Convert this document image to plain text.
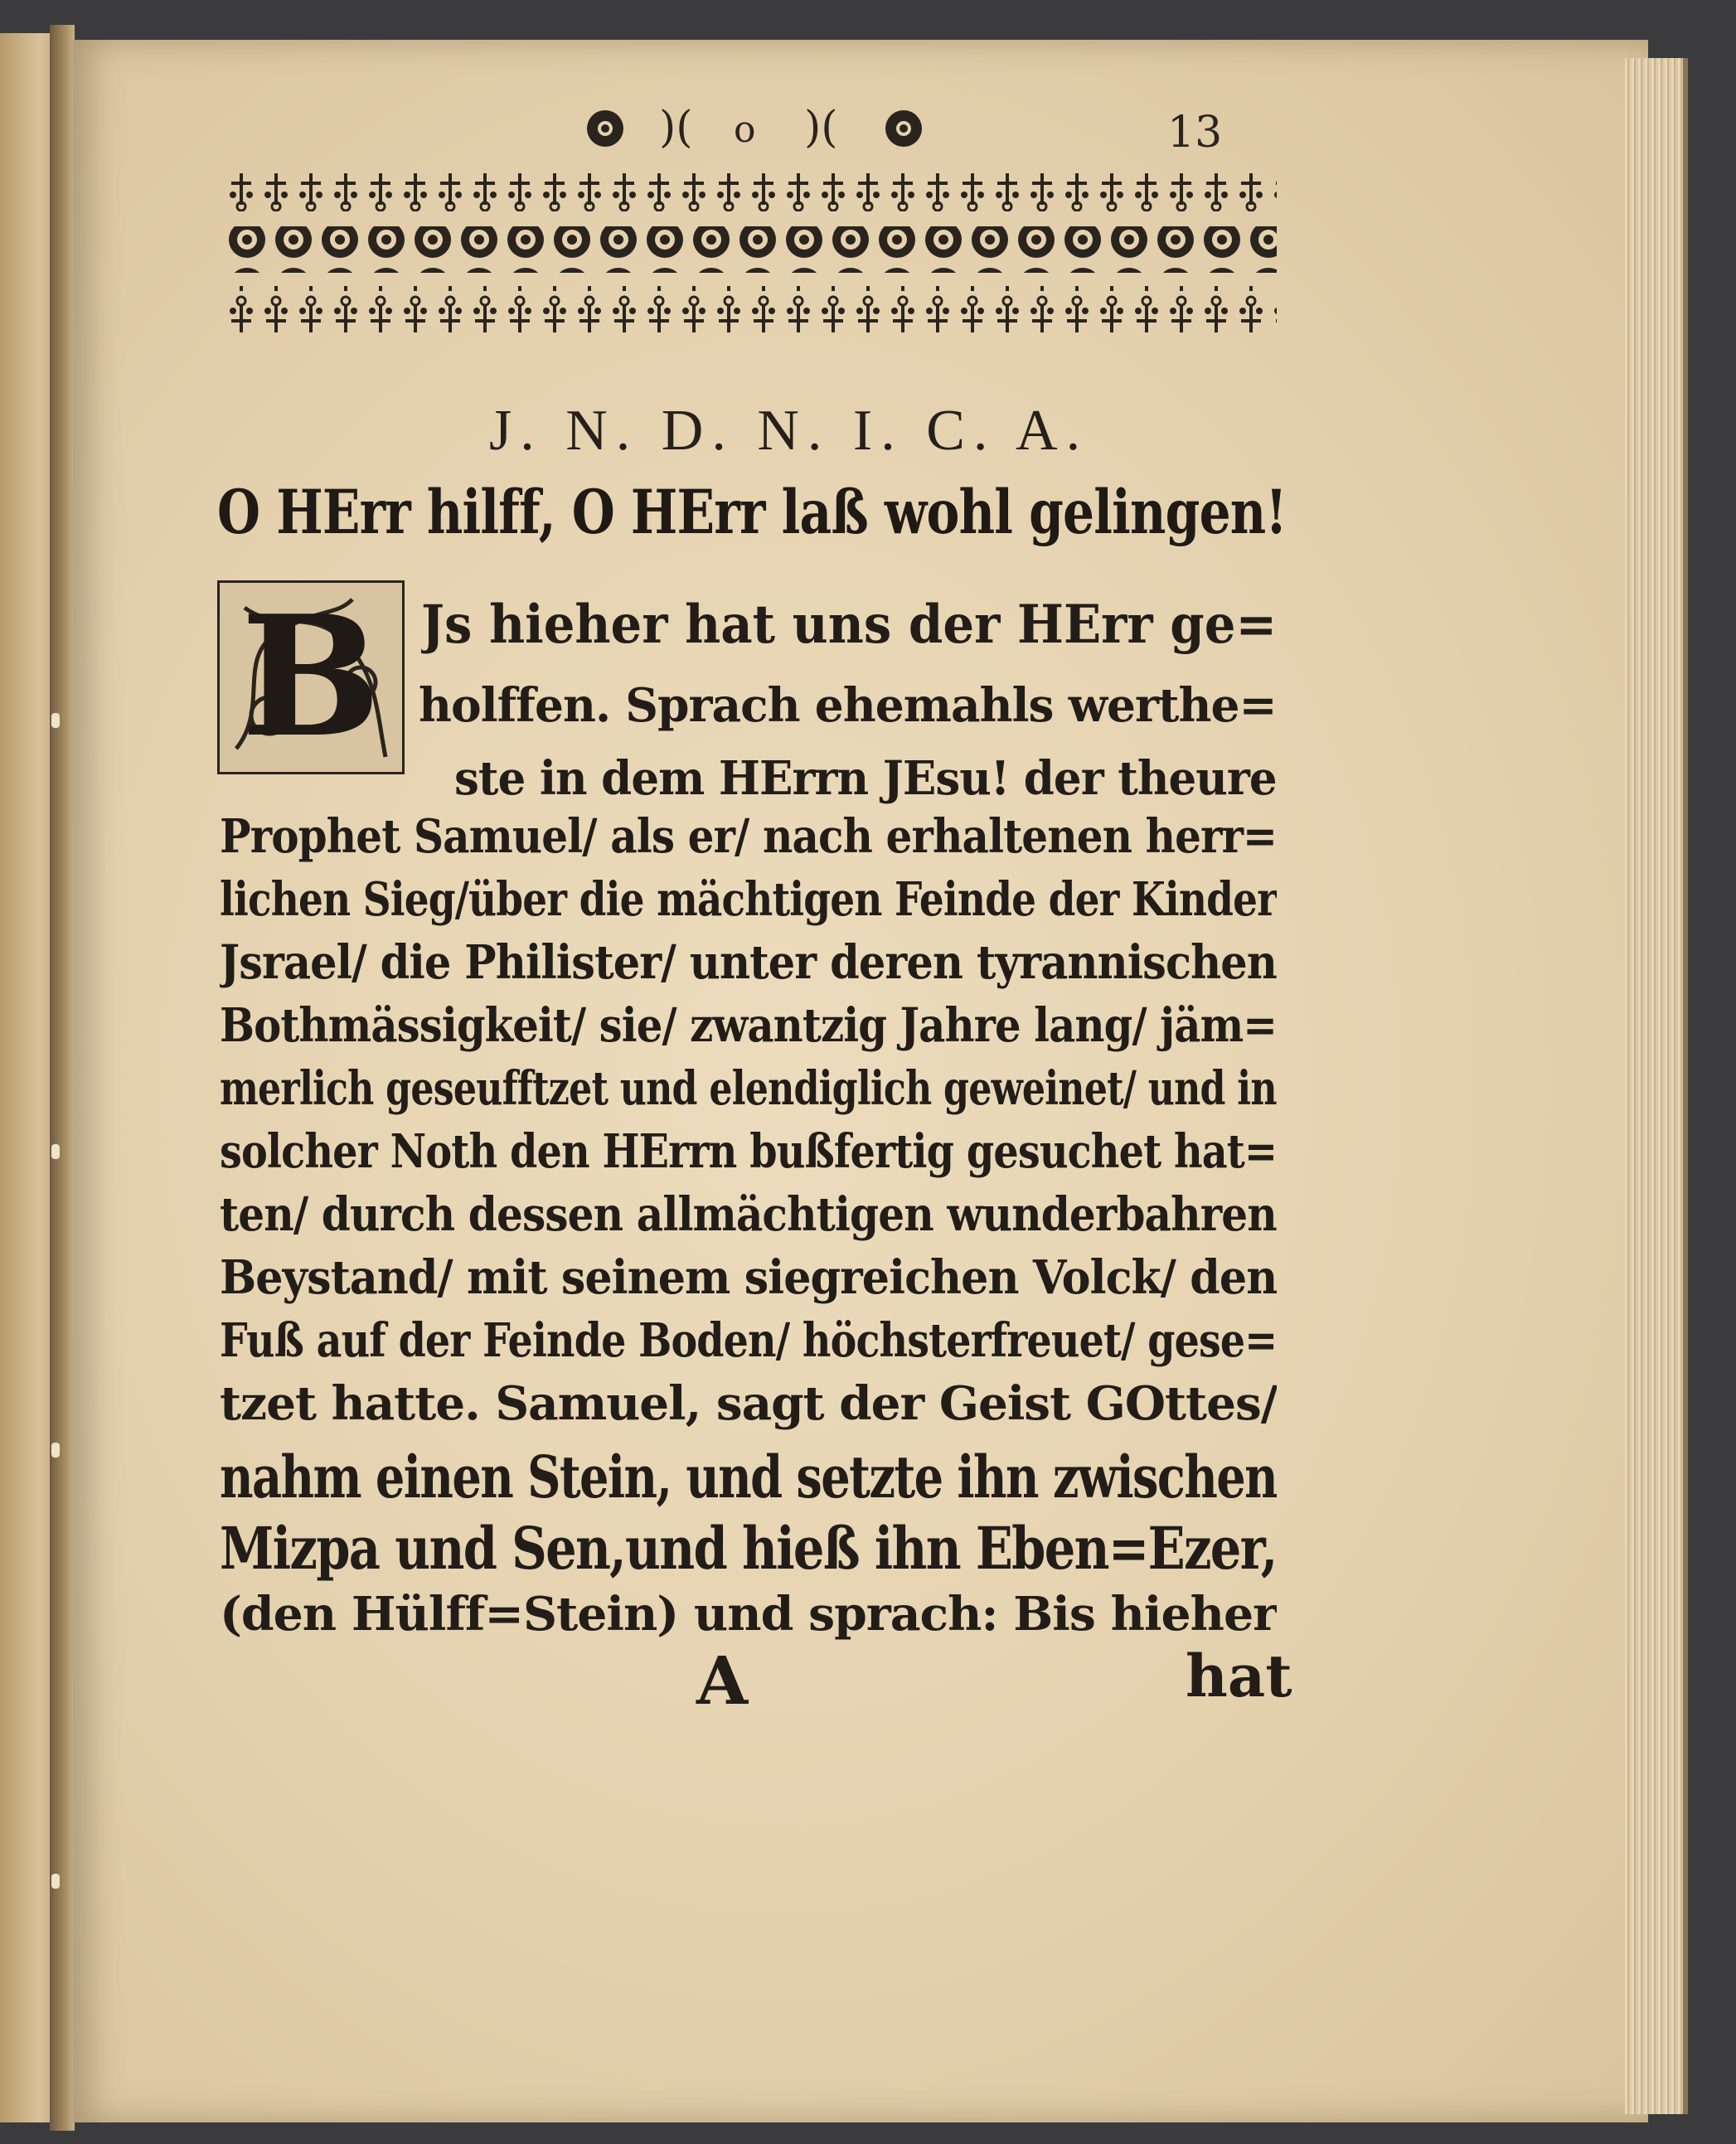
)( o )(	13
J. N. D. N. I. C. A.
O HErr hilff, O HErr laß wohl gelingen!
B Js hieher hat uns der HErr ge=
holffen. Sprach ehemahls werthe=
ste in dem HErrn JEsu! der theure
Prophet Samuel/ als er/ nach erhaltenen herr=
lichen Sieg/über die mächtigen Feinde der Kinder
Jsrael/ die Philister/ unter deren tyrannischen
Bothmässigkeit/ sie/ zwantzig Jahre lang/ jäm=
merlich geseufftzet und elendiglich geweinet/ und in
solcher Noth den HErrn bußfertig gesuchet hat=
ten/ durch dessen allmächtigen wunderbahren
Beystand/ mit seinem siegreichen Volck/ den
Fuß auf der Feinde Boden/ höchsterfreuet/ gese=
tzet hatte. Samuel, sagt der Geist GOttes/
nahm einen Stein, und setzte ihn zwischen
Mizpa und Sen,und hieß ihn Eben=Ezer,
(den Hülff=Stein) und sprach: Bis hieher
A	hat
